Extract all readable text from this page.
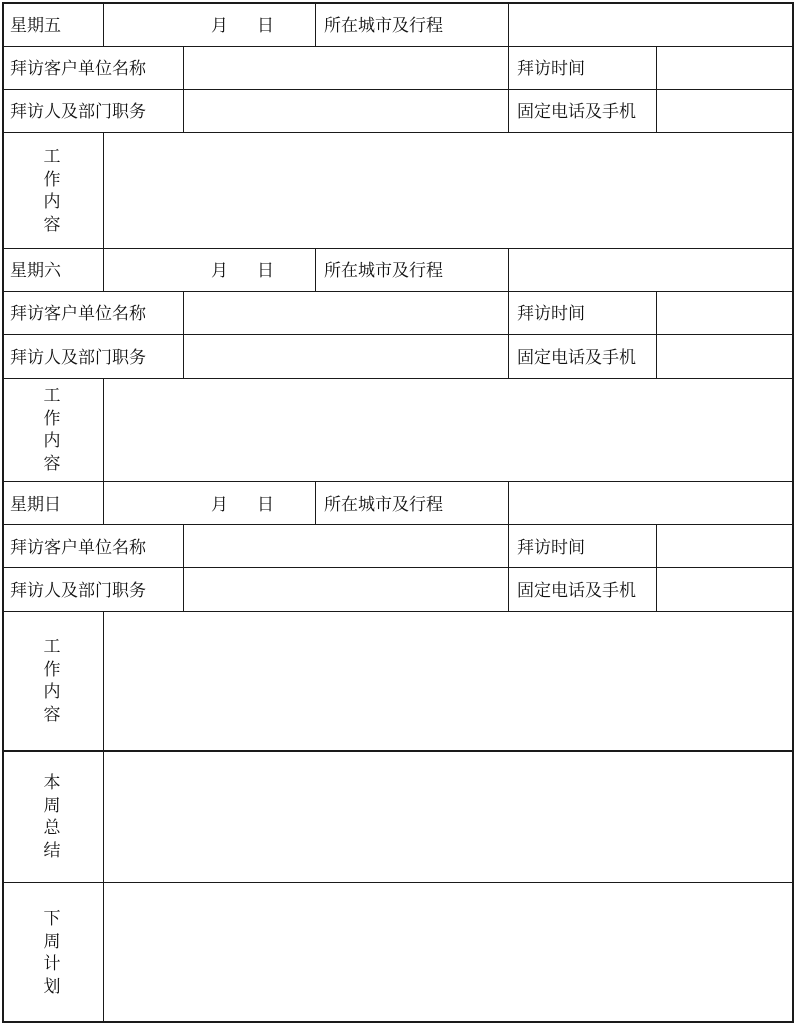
星期五	月 日	所在城市及行程
拜访客户单位名称	拜访时间
拜访人及部门职务	固定电话及手机
工
作
内
容
星期六	月 日	所在城市及行程
拜访客户单位名称	拜访时间
拜访人及部门职务	固定电话及手机
工
作
内
容
星期日	月 日	所在城市及行程
拜访客户单位名称	拜访时间
拜访人及部门职务	固定电话及手机
工
作
内
容
本
周
总
结
下
周
计
划
